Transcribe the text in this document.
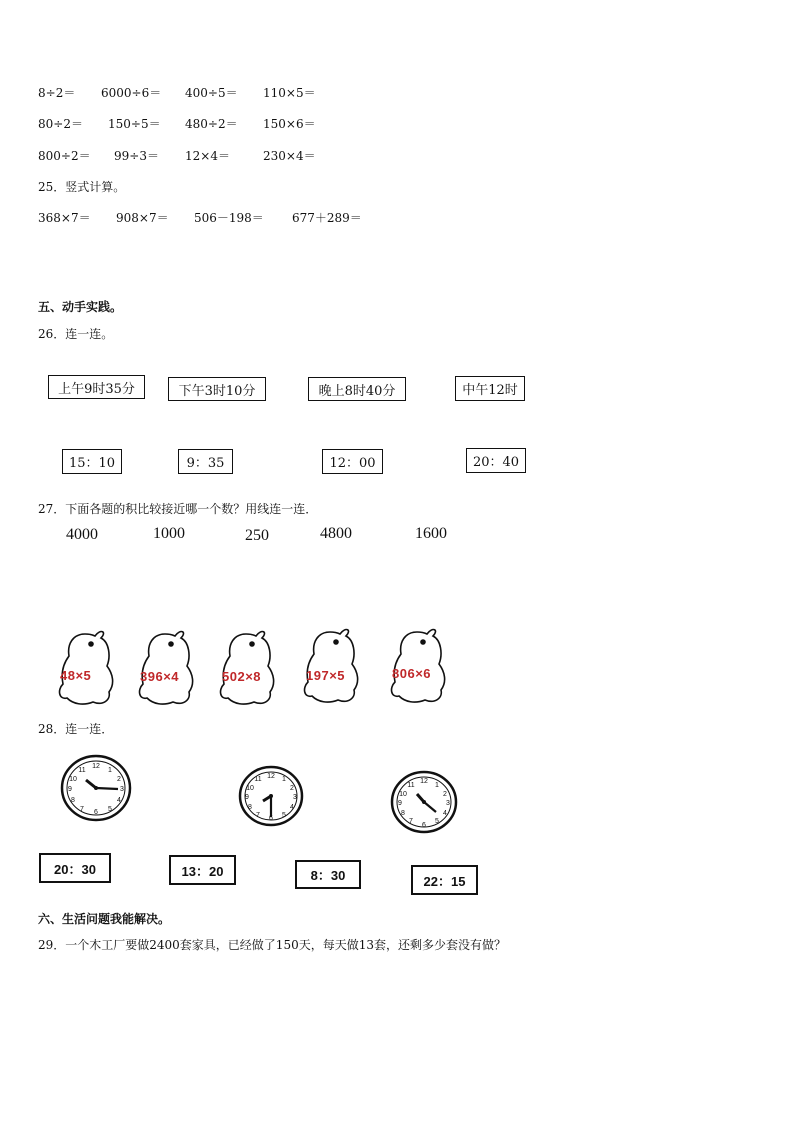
8÷2＝ 6000÷6＝ 400÷5＝ 110×5＝
80÷2＝ 150÷5＝ 480÷2＝ 150×6＝
800÷2＝ 99÷3＝ 12×4＝	230×4＝
25．竖式计算。
368×7＝ 908×7＝ 506－198＝ 677＋289＝
五、动手实践。
26．连一连。
上午9时35分	下午3时10分	晚上8时40分	中午12时
15：10	9：35	12：00	20：40
27．下面各题的积比较接近哪一个数？用线连一连．
4000	1000	250	4800	1600
48×5	396×4	502×8	197×5	806×6
28．连一连．
12
1
2
3
4
5
6
7
8
9
10
11
12 1
2
3
4
5
6
7
8
9
10
11	12
1
2
3
4
5
6
7
8
9
10
11
20：30	13：20	8：30	22：15
六、生活问题我能解决。
29．一个木工厂要做2400套家具，已经做了150天，每天做13套，还剩多少套没有做？
